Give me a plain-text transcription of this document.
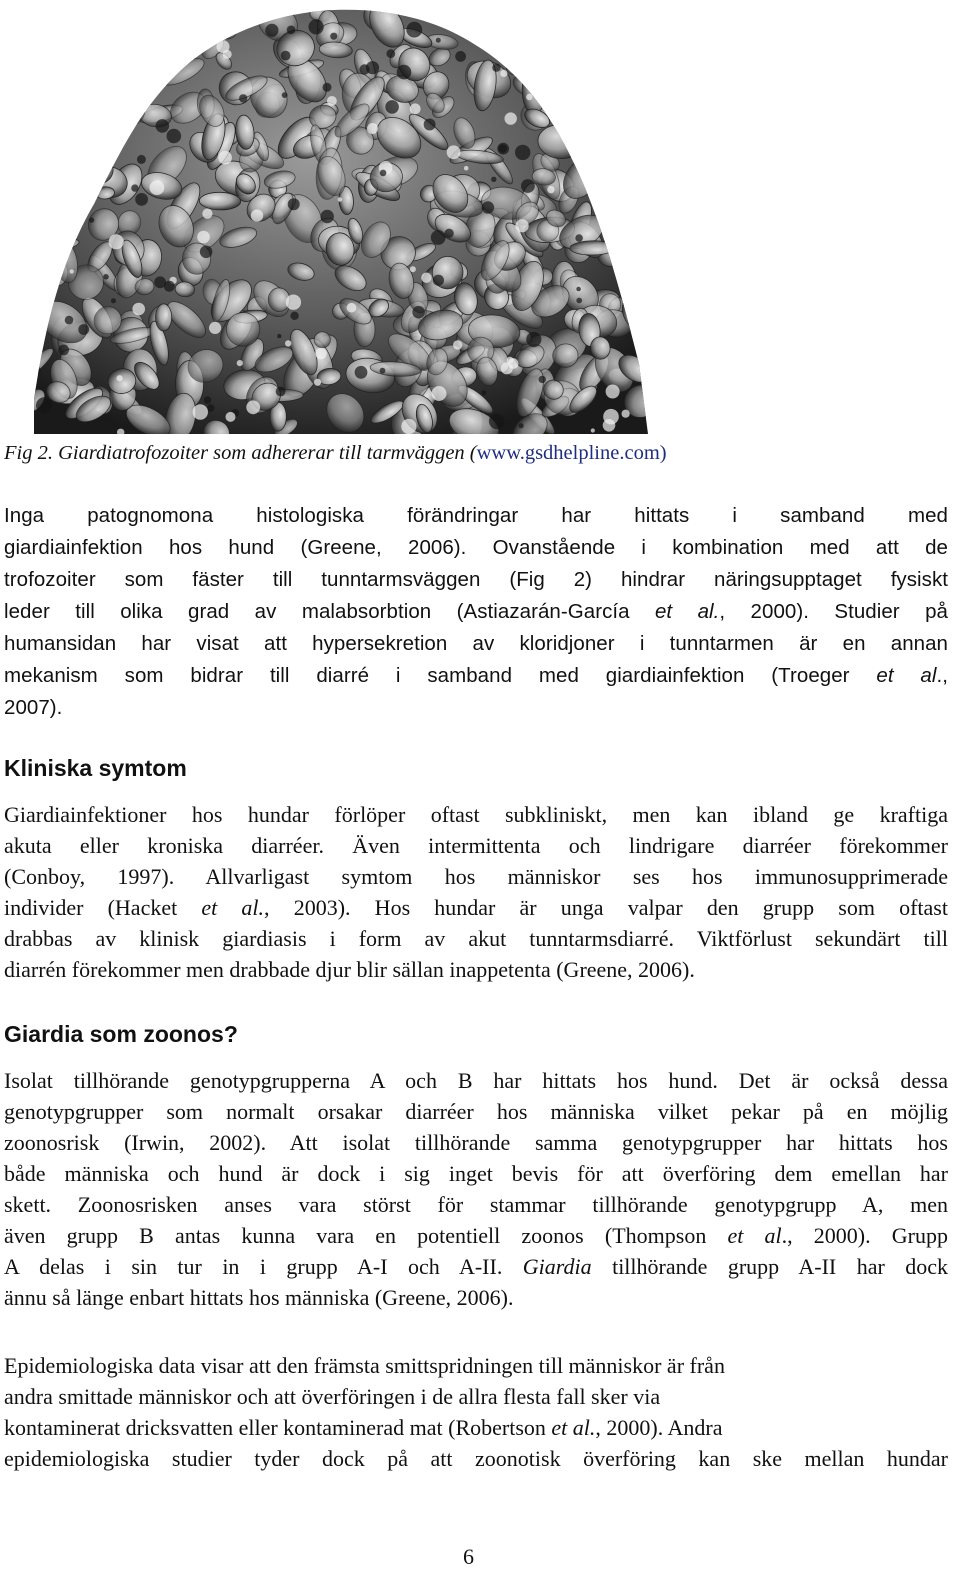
Fig 2. Giardiatrofozoiter som adhererar till tarmväggen (www.gsdhelpline.com)
Inga patognomona histologiska förändringar har hittats i samband med
giardiainfektion hos hund (Greene, 2006). Ovanstående i kombination med att de
trofozoiter som fäster till tunntarmsväggen (Fig 2) hindrar näringsupptaget fysiskt
leder till olika grad av malabsorbtion (Astiazarán-García et al., 2000). Studier på
humansidan har visat att hypersekretion av kloridjoner i tunntarmen är en annan
mekanism som bidrar till diarré i samband med giardiainfektion (Troeger et al.,
2007).
Kliniska symtom
Giardiainfektioner hos hundar förlöper oftast subkliniskt, men kan ibland ge kraftiga
akuta eller kroniska diarréer. Även intermittenta och lindrigare diarréer förekommer
(Conboy, 1997). Allvarligast symtom hos människor ses hos immunosupprimerade
individer (Hacket et al., 2003). Hos hundar är unga valpar den grupp som oftast
drabbas av klinisk giardiasis i form av akut tunntarmsdiarré. Viktförlust sekundärt till
diarrén förekommer men drabbade djur blir sällan inappetenta (Greene, 2006).
Giardia som zoonos?
Isolat tillhörande genotypgrupperna A och B har hittats hos hund. Det är också dessa
genotypgrupper som normalt orsakar diarréer hos människa vilket pekar på en möjlig
zoonosrisk (Irwin, 2002). Att isolat tillhörande samma genotypgrupper har hittats hos
både människa och hund är dock i sig inget bevis för att överföring dem emellan har
skett. Zoonosrisken anses vara störst för stammar tillhörande genotypgrupp A, men
även grupp B antas kunna vara en potentiell zoonos (Thompson et al., 2000). Grupp
A delas i sin tur in i grupp A-I och A-II. Giardia tillhörande grupp A-II har dock
ännu så länge enbart hittats hos människa (Greene, 2006).
Epidemiologiska data visar att den främsta smittspridningen till människor är från
andra smittade människor och att överföringen i de allra flesta fall sker via
kontaminerat dricksvatten eller kontaminerad mat (Robertson et al., 2000). Andra
epidemiologiska studier tyder dock på att zoonotisk överföring kan ske mellan hundar
6
